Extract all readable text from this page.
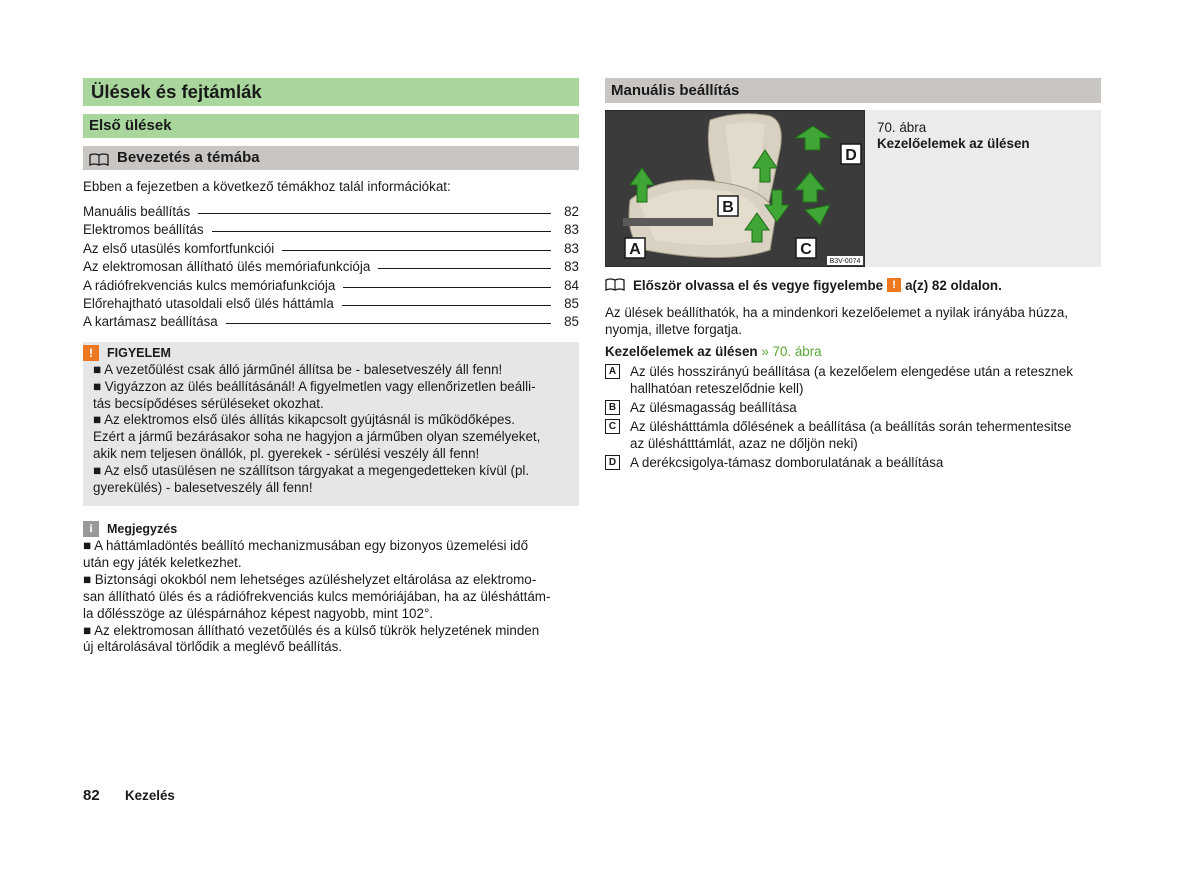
Ülések és fejtámlák
Első ülések
Bevezetés a témába
Ebben a fejezetben a következő témákhoz talál információkat:
Manuális beállítás	82
Elektromos beállítás	83
Az első utasülés komfortfunkciói	83
Az elektromosan állítható ülés memóriafunkciója	83
A rádiófrekvenciás kulcs memóriafunkciója	84
Előrehajtható utasoldali első ülés háttámla	85
A kartámasz beállítása	85
!	FIGYELEM
■ A vezetőülést csak álló járműnél állítsa be - balesetveszély áll fenn!
■ Vigyázzon az ülés beállításánál! A figyelmetlen vagy ellenőrizetlen beálli-
tás becsípődéses sérüléseket okozhat.
■ Az elektromos első ülés állítás kikapcsolt gyújtásnál is működőképes.
Ezért a jármű bezárásakor soha ne hagyjon a járműben olyan személyeket,
akik nem teljesen önállók, pl. gyerekek - sérülési veszély áll fenn!
■ Az első utasülésen ne szállítson tárgyakat a megengedetteken kívül (pl.
gyerekülés) - balesetveszély áll fenn!
i	Megjegyzés
■ A háttámladöntés beállító mechanizmusában egy bizonyos üzemelési idő
után egy játék keletkezhet.
■ Biztonsági okokból nem lehetséges azüléshelyzet eltárolása az elektromo-
san állítható ülés és a rádiófrekvenciás kulcs memóriájában, ha az ülésháttám-
la dőlésszöge az üléspárnához képest nagyobb, mint 102°.
■ Az elektromosan állítható vezetőülés és a külső tükrök helyzetének minden
új eltárolásával törlődik a meglévő beállítás.
82	Kezelés
Manuális beállítás
A
B
C
D
B3V-0074
70. ábra
Kezelőelemek az ülésen
Először olvassa el és vegye figyelembe ! a(z) 82 oldalon.
Az ülések beállíthatók, ha a mindenkori kezelőelemet a nyilak irányába húzza,
nyomja, illetve forgatja.
Kezelőelemek az ülésen » 70. ábra
A Az ülés hosszirányú beállítása (a kezelőelem elengedése után a retesznek
hallhatóan reteszelődnie kell)
B Az ülésmagasság beállítása
C Az üléshátttámla dőlésének a beállítása (a beállítás során tehermentesitse
az üléshátttámlát, azaz ne dőljön neki)
D A derékcsigolya-támasz domborulatának a beállítása
